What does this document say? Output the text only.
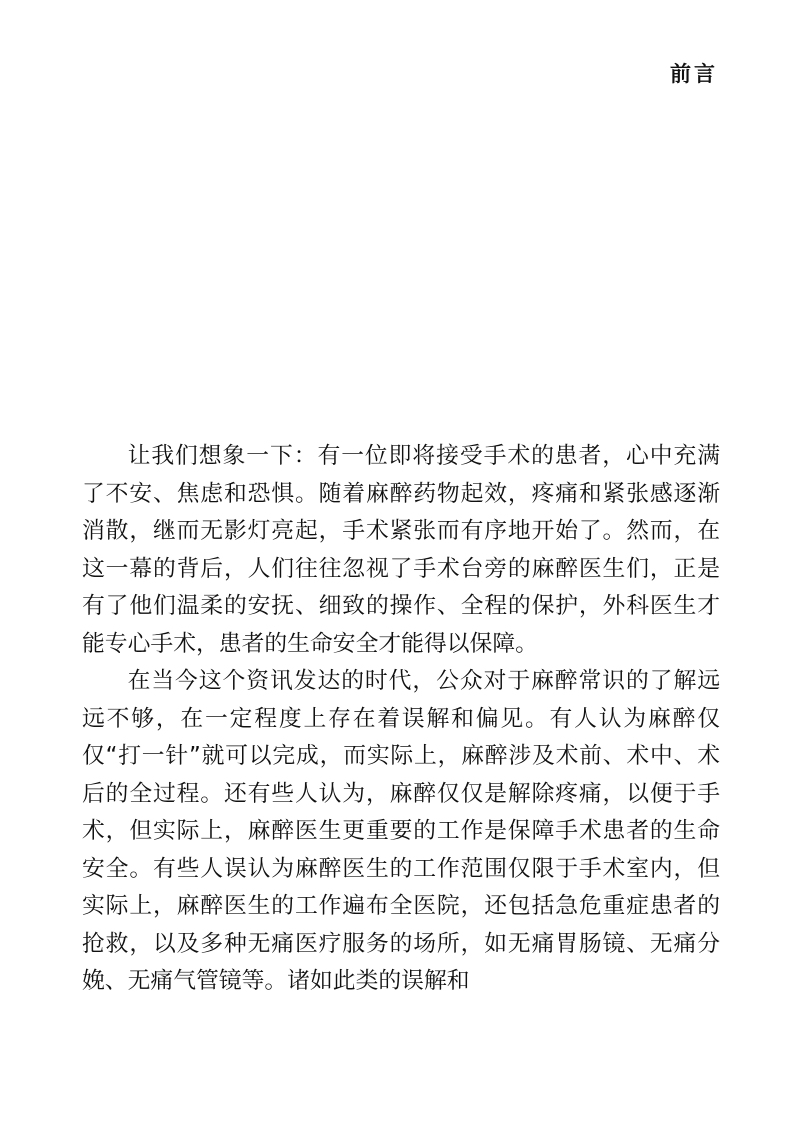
前言

让我们想象一下：有一位即将接受手术的患者，心中充满了不安、焦虑和恐惧。随着麻醉药物起效，疼痛和紧张感逐渐消散，继而无影灯亮起，手术紧张而有序地开始了。然而，在这一幕的背后，人们往往忽视了手术台旁的麻醉医生们，正是有了他们温柔的安抚、细致的操作、全程的保护，外科医生才能专心手术，患者的生命安全才能得以保障。

在当今这个资讯发达的时代，公众对于麻醉常识的了解远远不够，在一定程度上存在着误解和偏见。有人认为麻醉仅仅“打一针”就可以完成，而实际上，麻醉涉及术前、术中、术后的全过程。还有些人认为，麻醉仅仅是解除疼痛，以便于手术，但实际上，麻醉医生更重要的工作是保障手术患者的生命安全。有些人误认为麻醉医生的工作范围仅限于手术室内，但实际上，麻醉医生的工作遍布全医院，还包括急危重症患者的抢救，以及多种无痛医疗服务的场所，如无痛胃肠镜、无痛分娩、无痛气管镜等。诸如此类的误解和
